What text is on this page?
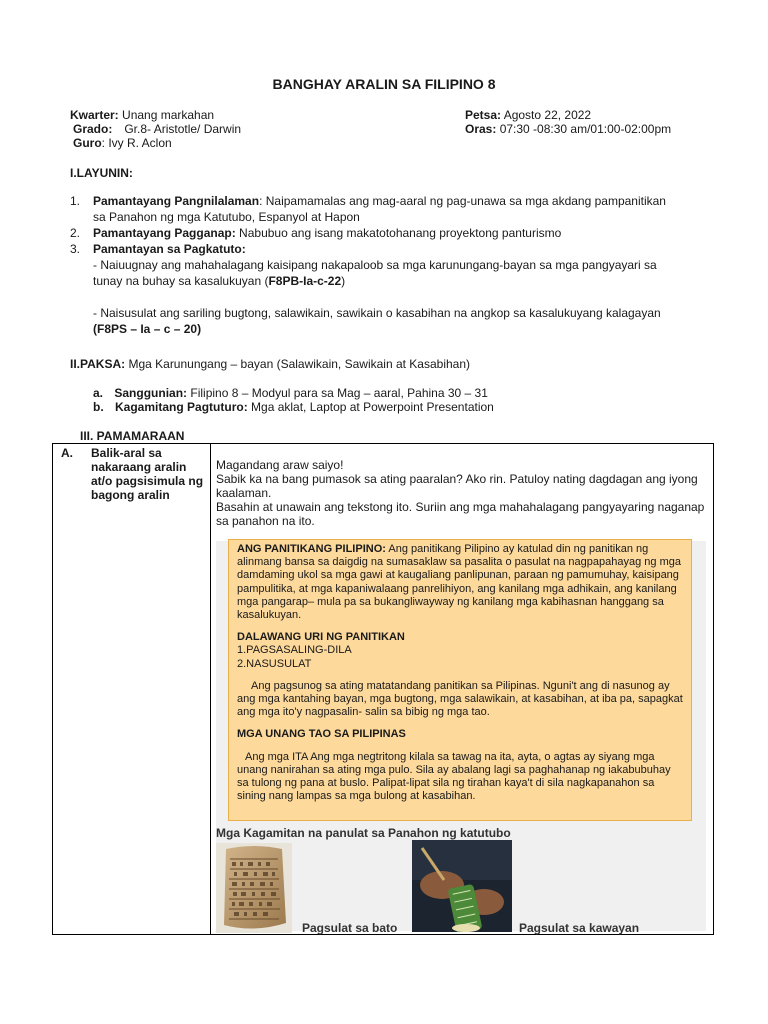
BANGHAY ARALIN SA FILIPINO 8
Kwarter: Unang markahan
Grado: Gr.8- Aristotle/ Darwin
Guro: Ivy R. Aclon
Petsa: Agosto 22, 2022
Oras: 07:30 -08:30 am/01:00-02:00pm
I.LAYUNIN:
1. Pamantayang Pangnilalaman: Naipamamalas ang mag-aaral ng pag-unawa sa mga akdang pampanitikan
sa Panahon ng mga Katutubo, Espanyol at Hapon
2. Pamantayang Pagganap: Nabubuo ang isang makatotohanang proyektong panturismo
3. Pamantayan sa Pagkatuto:
- Naiuugnay ang mahahalagang kaisipang nakapaloob sa mga karunungang-bayan sa mga pangyayari sa
tunay na buhay sa kasalukuyan (F8PB-Ia-c-22)
- Naisusulat ang sariling bugtong, salawikain, sawikain o kasabihan na angkop sa kasalukuyang kalagayan
(F8PS – Ia – c – 20)
II.PAKSA: Mga Karunungang – bayan (Salawikain, Sawikain at Kasabihan)
a. Sanggunian: Filipino 8 – Modyul para sa Mag – aaral, Pahina 30 – 31
b. Kagamitang Pagtuturo: Mga aklat, Laptop at Powerpoint Presentation
III. PAMAMARAAN
A. Balik-aral sa nakaraang aralin at/o pagsisimula ng bagong aralin
Magandang araw saiyo!
Sabik ka na bang pumasok sa ating paaralan? Ako rin. Patuloy nating dagdagan ang iyong kaalaman.
Basahin at unawain ang tekstong ito. Suriin ang mga mahahalagang pangyayaring naganap sa panahon na ito.

ANG PANITIKANG PILIPINO: Ang panitikang Pilipino ay katulad din ng panitikan ng alinmang bansa sa daigdig na sumasaklaw sa pasalita o pasulat na nagpapahayag ng mga damdaming ukol sa mga gawi at kaugaliang panlipunan, paraan ng pamumuhay, kaisipang pampulitika, at mga kapaniwalaang panrelihiyon, ang kanilang mga adhikain, ang kanilang mga pangarap– mula pa sa bukangliwayway ng kanilang mga kabihasnan hanggang sa kasalukuyan.

DALAWANG URI NG PANITIKAN

1.PAGSASALING-DILA

2.NASUSULAT

Ang pagsunog sa ating matatandang panitikan sa Pilipinas. Nguni't ang di nasunog ay ang mga kantahing bayan, mga bugtong, mga salawikain, at kasabihan, at iba pa, sapagkat ang mga ito'y nagpasalin- salin sa bibig ng mga tao.

MGA UNANG TAO SA PILIPINAS

Ang mga ITA Ang mga negtritong kilala sa tawag na ita, ayta, o agtas ay siyang mga unang nanirahan sa ating mga pulo. Sila ay abalang lagi sa paghahanap ng iakabubuhay sa tulong ng pana at buslo. Palipat-lipat sila ng tirahan kaya't di sila nagkapanahon sa sining nang lampas sa mga bulong at kasabihan.

Mga Kagamitan na panulat sa Panahon ng katutubo
Pagsulat sa bato	Pagsulat sa kawayan
